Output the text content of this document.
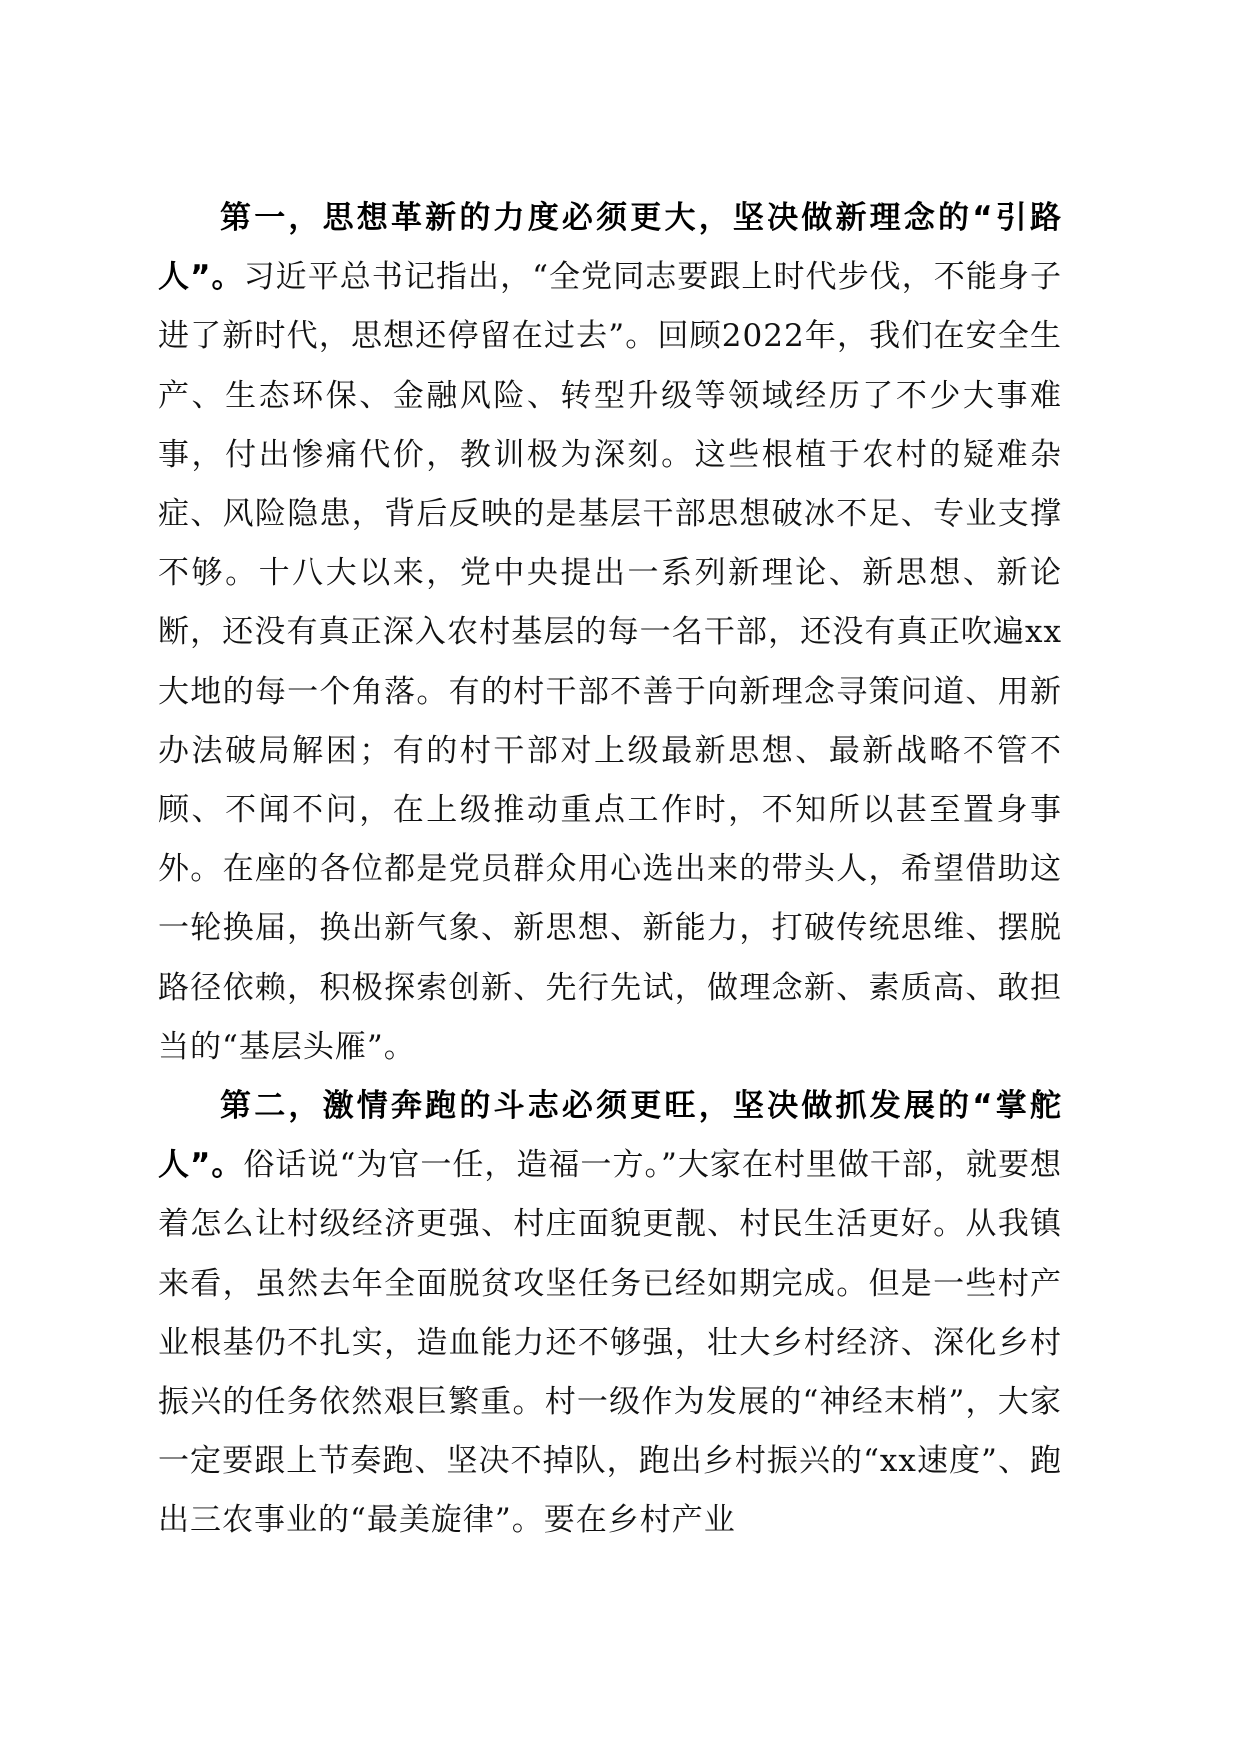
第一，思想革新的力度必须更大，坚决做新理念的“引路人”。习近平总书记指出，“全党同志要跟上时代步伐，不能身子进了新时代，思想还停留在过去”。回顾2022年，我们在安全生产、生态环保、金融风险、转型升级等领域经历了不少大事难事，付出惨痛代价，教训极为深刻。这些根植于农村的疑难杂症、风险隐患，背后反映的是基层干部思想破冰不足、专业支撑不够。十八大以来，党中央提出一系列新理论、新思想、新论断，还没有真正深入农村基层的每一名干部，还没有真正吹遍xx大地的每一个角落。有的村干部不善于向新理念寻策问道、用新办法破局解困；有的村干部对上级最新思想、最新战略不管不顾、不闻不问，在上级推动重点工作时，不知所以甚至置身事外。在座的各位都是党员群众用心选出来的带头人，希望借助这一轮换届，换出新气象、新思想、新能力，打破传统思维、摆脱路径依赖，积极探索创新、先行先试，做理念新、素质高、敢担当的“基层头雁”。

第二，激情奔跑的斗志必须更旺，坚决做抓发展的“掌舵人”。俗话说“为官一任，造福一方。”大家在村里做干部，就要想着怎么让村级经济更强、村庄面貌更靓、村民生活更好。从我镇来看，虽然去年全面脱贫攻坚任务已经如期完成。但是一些村产业根基仍不扎实，造血能力还不够强，壮大乡村经济、深化乡村振兴的任务依然艰巨繁重。村一级作为发展的“神经末梢”，大家一定要跟上节奏跑、坚决不掉队，跑出乡村振兴的“xx速度”、跑出三农事业的“最美旋律”。要在乡村产业
